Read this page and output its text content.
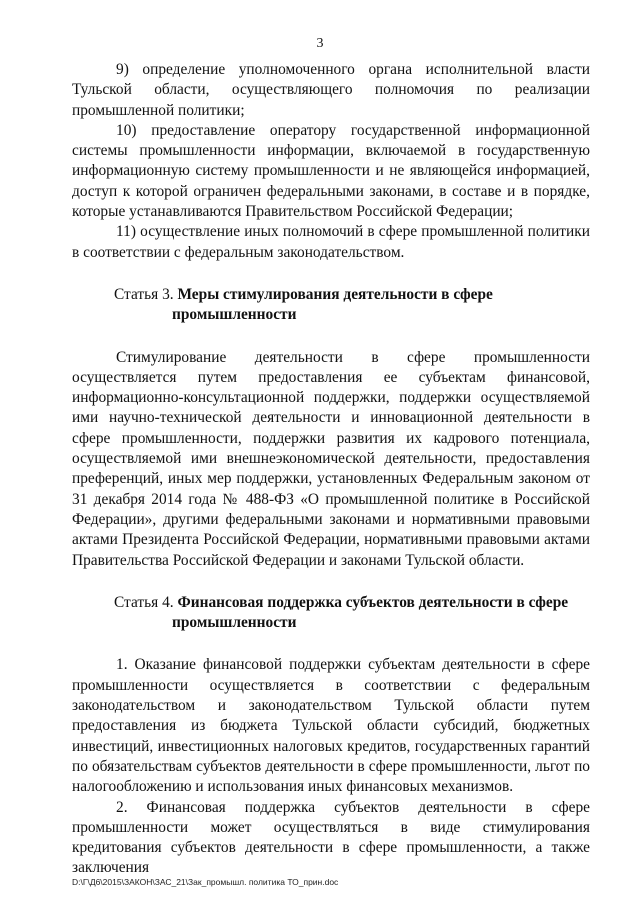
3

9) определение уполномоченного органа исполнительной власти Тульской области, осуществляющего полномочия по реализации промышленной политики;

10) предоставление оператору государственной информационной системы промышленности информации, включаемой в государственную информационную систему промышленности и не являющейся информацией, доступ к которой ограничен федеральными законами, в составе и в порядке, которые устанавливаются Правительством Российской Федерации;

11) осуществление иных полномочий в сфере промышленной политики в соответствии с федеральным законодательством.

Статья 3. Меры стимулирования деятельности в сфере
промышленности

Стимулирование деятельности в сфере промышленности осуществляется путем предоставления ее субъектам финансовой, информационно-консультационной поддержки, поддержки осуществляемой ими научно-технической деятельности и инновационной деятельности в сфере промышленности, поддержки развития их кадрового потенциала, осуществляемой ими внешнеэкономической деятельности, предоставления преференций, иных мер поддержки, установленных Федеральным законом от 31 декабря 2014 года № 488-ФЗ «О промышленной политике в Российской Федерации», другими федеральными законами и нормативными правовыми актами Президента Российской Федерации, нормативными правовыми актами Правительства Российской Федерации и законами Тульской области.

Статья 4. Финансовая поддержка субъектов деятельности в сфере
промышленности

1. Оказание финансовой поддержки субъектам деятельности в сфере промышленности осуществляется в соответствии с федеральным законодательством и законодательством Тульской области путем предоставления из бюджета Тульской области субсидий, бюджетных инвестиций, инвестиционных налоговых кредитов, государственных гарантий по обязательствам субъектов деятельности в сфере промышленности, льгот по налогообложению и использования иных финансовых механизмов.

2. Финансовая поддержка субъектов деятельности в сфере промышленности может осуществляться в виде стимулирования кредитования субъектов деятельности в сфере промышленности, а также заключения

D:\Г\Д6\2015\ЗАКОН\ЗАС_21\Зак_промышл. политика ТО_прин.doc
